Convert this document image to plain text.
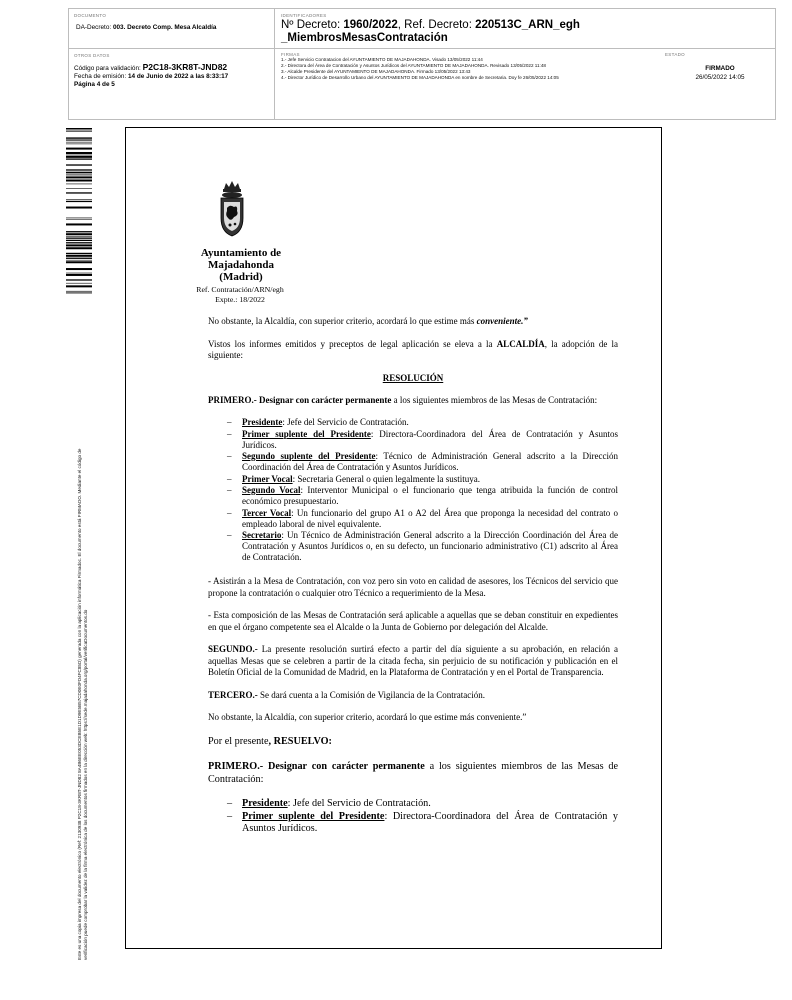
DOCUMENTO
DA-Decreto: 003. Decreto Comp. Mesa Alcaldía
IDENTIFICADORES
Nº Decreto: 1960/2022, Ref. Decreto: 220513C_ARN_egh
_MiembrosMesasContratación
OTROS DATOS
Código para validación: P2C18-3KR8T-JND82
Fecha de emisión: 14 de Junio de 2022 a las 8:33:17
Página 4 de 5
FIRMAS
1.- Jefe Servicio Contratacion del AYUNTAMIENTO DE MAJADAHONDA. Visado 13/05/2022 11:44
2.- Directora del Área de Contratación y Asuntos Jurídicos del AYUNTAMIENTO DE MAJADAHONDA. Revisado 13/05/2022 11:48
3.- Alcalde Presidente del AYUNTAMIENTO DE MAJADAHONDA. Firmado 13/05/2022 13:43
4.- Director Jurídico de Desarrollo Urbano del AYUNTAMIENTO DE MAJADAHONDA en nombre de Secretaria. Doy fe 26/05/2022 14:05
ESTADO
FIRMADO
26/05/2022 14:05
Este es una copia impresa del documento electrónico (Ref: 2130938 P2C18-3KR8T-JND82 8A4B6EE053DCEB5E1D1D9E5B57CD0E0FD4FC85D) generada con la aplicación informática Firmadoc. El documento está FIRMADO. Mediante el código de verificación puede comprobar la validez de la firma electrónica de los documentos firmados en la dirección web: https://sede.majadahonda.org/portal/verificaDocumentos.do
Ayuntamiento de
Majadahonda
(Madrid)
Ref. Contratación/ARN/egh
Expte.: 18/2022

No obstante, la Alcaldía, con superior criterio, acordará lo que estime más conveniente.”

Vistos los informes emitidos y preceptos de legal aplicación se eleva a la ALCALDÍA, la adopción de la siguiente:

RESOLUCIÓN

PRIMERO.- Designar con carácter permanente a los siguientes miembros de las Mesas de Contratación:

– Presidente: Jefe del Servicio de Contratación.
– Primer suplente del Presidente: Directora-Coordinadora del Área de Contratación y Asuntos Jurídicos.
– Segundo suplente del Presidente: Técnico de Administración General adscrito a la Dirección Coordinación del Área de Contratación y Asuntos Jurídicos.
– Primer Vocal: Secretaria General o quien legalmente la sustituya.
– Segundo Vocal: Interventor Municipal o el funcionario que tenga atribuida la función de control económico presupuestario.
– Tercer Vocal: Un funcionario del grupo A1 o A2 del Área que proponga la necesidad del contrato o empleado laboral de nivel equivalente.
– Secretario: Un Técnico de Administración General adscrito a la Dirección Coordinación del Área de Contratación y Asuntos Jurídicos o, en su defecto, un funcionario administrativo (C1) adscrito al Área de Contratación.

- Asistirán a la Mesa de Contratación, con voz pero sin voto en calidad de asesores, los Técnicos del servicio que propone la contratación o cualquier otro Técnico a requerimiento de la Mesa.

- Esta composición de las Mesas de Contratación será aplicable a aquellas que se deban constituir en expedientes en que el órgano competente sea el Alcalde o la Junta de Gobierno por delegación del Alcalde.

SEGUNDO.- La presente resolución surtirá efecto a partir del día siguiente a su aprobación, en relación a aquellas Mesas que se celebren a partir de la citada fecha, sin perjuicio de su notificación y publicación en el Boletín Oficial de la Comunidad de Madrid, en la Plataforma de Contratación y en el Portal de Transparencia.

TERCERO.- Se dará cuenta a la Comisión de Vigilancia de la Contratación.

No obstante, la Alcaldía, con superior criterio, acordará lo que estime más conveniente.”

Por el presente, RESUELVO:

PRIMERO.- Designar con carácter permanente a los siguientes miembros de las Mesas de Contratación:

– Presidente: Jefe del Servicio de Contratación.
– Primer suplente del Presidente: Directora-Coordinadora del Área de Contratación y Asuntos Jurídicos.
